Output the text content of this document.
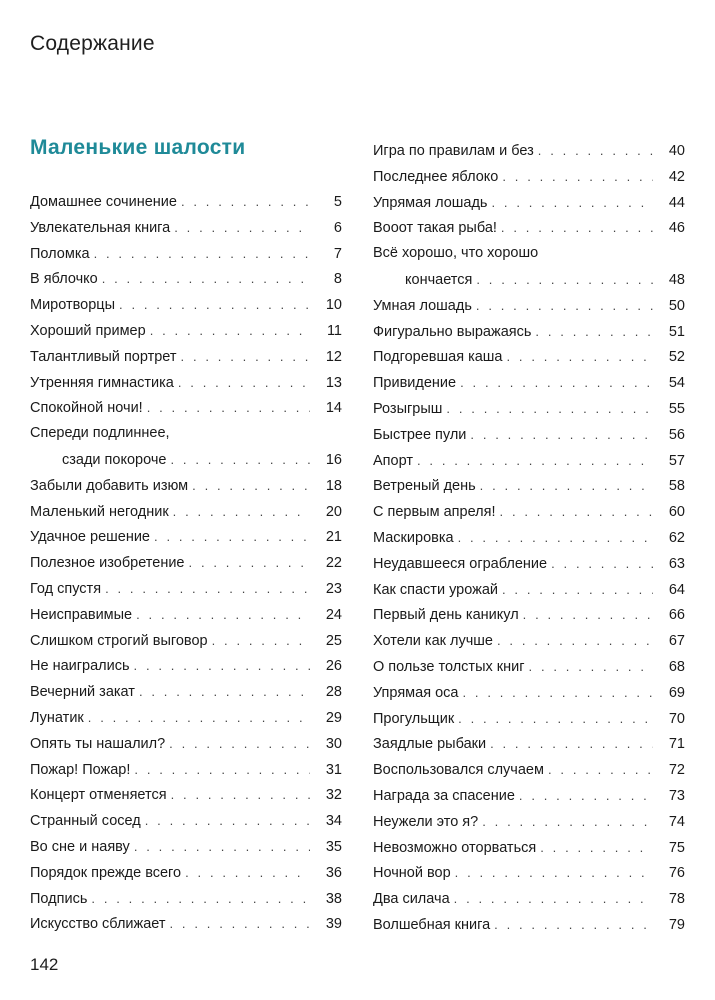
Содержание
Маленькие шалости
Домашнее сочинение . . .	5
Увлекательная книга . . .	6
Поломка . . .	7
В яблочко . . .	8
Миротворцы . . .	10
Хороший пример . . .	11
Талантливый портрет . . .	12
Утренняя гимнастика . . .	13
Спокойной ночи! . . .	14
Спереди подлиннее,
сзади покороче . . .	16
Забыли добавить изюм . . .	18
Маленький негодник . . .	20
Удачное решение . . .	21
Полезное изобретение . . .	22
Год спустя . . .	23
Неисправимые . . .	24
Слишком строгий выговор . . .	25
Не наигрались . . .	26
Вечерний закат . . .	28
Лунатик . . .	29
Опять ты нашалил? . . .	30
Пожар! Пожар! . . .	31
Концерт отменяется . . .	32
Странный сосед . . .	34
Во сне и наяву . . .	35
Порядок прежде всего . . .	36
Подпись . . .	38
Искусство сближает . . .	39
Игра по правилам и без . . .	40
Последнее яблоко . . .	42
Упрямая лошадь . . .	44
Вооот такая рыба! . . .	46
Всё хорошо, что хорошо
кончается . . .	48
Умная лошадь . . .	50
Фигурально выражаясь . . .	51
Подгоревшая каша . . .	52
Привидение . . .	54
Розыгрыш . . .	55
Быстрее пули . . .	56
Апорт . . .	57
Ветреный день . . .	58
С первым апреля! . . .	60
Маскировка . . .	62
Неудавшееся ограбление . . .	63
Как спасти урожай . . .	64
Первый день каникул . . .	66
Хотели как лучше . . .	67
О пользе толстых книг . . .	68
Упрямая оса . . .	69
Прогульщик . . .	70
Заядлые рыбаки . . .	71
Воспользовался случаем . . .	72
Награда за спасение . . .	73
Неужели это я? . . .	74
Невозможно оторваться . . .	75
Ночной вор . . .	76
Два силача . . .	78
Волшебная книга . . .	79
142
